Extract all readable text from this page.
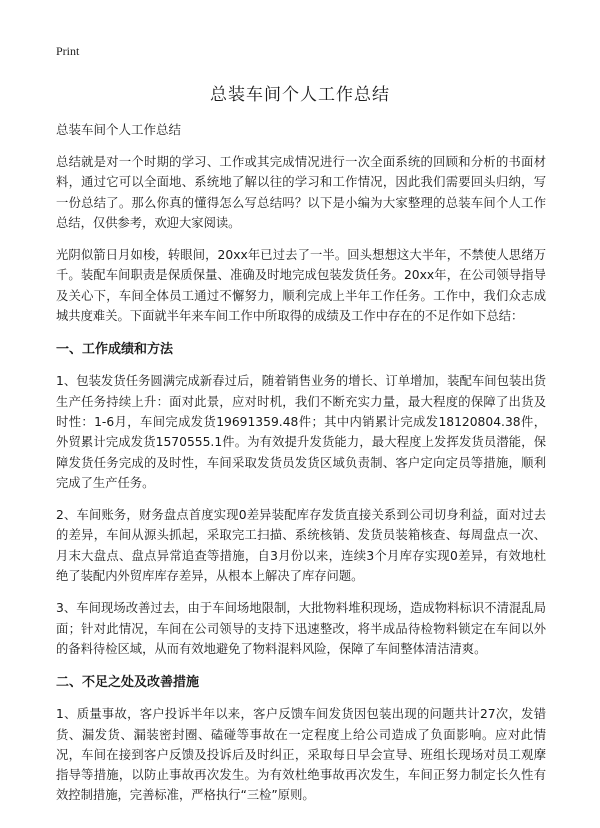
Print
总装车间个人工作总结
总装车间个人工作总结

总结就是对一个时期的学习、工作或其完成情况进行一次全面系统的回顾和分析的书面材料，通过它可以全面地、系统地了解以往的学习和工作情况，因此我们需要回头归纳，写一份总结了。那么你真的懂得怎么写总结吗？以下是小编为大家整理的总装车间个人工作总结，仅供参考，欢迎大家阅读。

光阴似箭日月如梭，转眼间，20xx年已过去了一半。回头想想这大半年，不禁使人思绪万千。装配车间职责是保质保量、准确及时地完成包装发货任务。20xx年，在公司领导指导及关心下，车间全体员工通过不懈努力，顺利完成上半年工作任务。工作中，我们众志成城共度难关。下面就半年来车间工作中所取得的成绩及工作中存在的不足作如下总结：

一、工作成绩和方法

1、包装发货任务圆满完成新春过后，随着销售业务的增长、订单增加，装配车间包装出货生产任务持续上升：面对此景，应对时机，我们不断充实力量，最大程度的保障了出货及时性：1-6月，车间完成发货19691359.48件；其中内销累计完成发18120804.38件，外贸累计完成发货1570555.1件。为有效提升发货能力，最大程度上发挥发货员潜能，保障发货任务完成的及时性，车间采取发货员发货区域负责制、客户定向定员等措施，顺利完成了生产任务。

2、车间账务，财务盘点首度实现0差异装配库存发货直接关系到公司切身利益，面对过去的差异，车间从源头抓起，采取完工扫描、系统核销、发货员装箱核查、每周盘点一次、月末大盘点、盘点异常追查等措施，自3月份以来，连续3个月库存实现0差异，有效地杜绝了装配内外贸库库存差异，从根本上解决了库存问题。

3、车间现场改善过去，由于车间场地限制，大批物料堆积现场，造成物料标识不清混乱局面；针对此情况，车间在公司领导的支持下迅速整改，将半成品待检物料锁定在车间以外的备料待检区域，从而有效地避免了物料混料风险，保障了车间整体清洁清爽。

二、不足之处及改善措施

1、质量事故，客户投诉半年以来，客户反馈车间发货因包装出现的问题共计27次，发错货、漏发货、漏装密封圈、磕碰等事故在一定程度上给公司造成了负面影响。应对此情况，车间在接到客户反馈及投诉后及时纠正，采取每日早会宣导、班组长现场对员工观摩指导等措施，以防止事故再次发生。为有效杜绝事故再次发生，车间正努力制定长久性有效控制措施，完善标准，严格执行“三检”原则。
